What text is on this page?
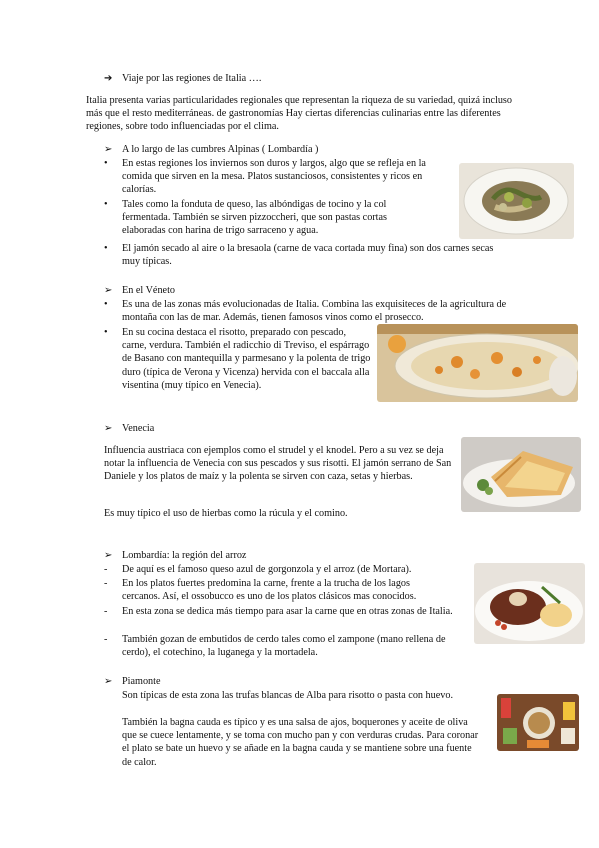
➔ Viaje por las regiones de Italia ….

Italia presenta varias particularidades regionales que representan la riqueza de su variedad, quizá incluso más que el resto mediterráneas. de gastronomías Hay ciertas diferencias culinarias entre las diferentes regiones, sobre todo influenciadas por el clima.

➢ A lo largo de las cumbres Alpinas ( Lombardía )
•	En estas regiones los inviernos son duros y largos, algo que se refleja en la comida que sirven en la mesa. Platos sustanciosos, consistentes y ricos en calorías.

•	Tales como la fonduta de queso, las albóndigas de tocino y la col fermentada. También se sirven pizzoccheri, que son pastas cortas elaboradas con harina de trigo sarraceno y agua.

•	El jamón secado al aire o la bresaola (carne de vaca cortada muy fina) son dos carnes secas muy típicas.

➢ En el Véneto
•	Es una de las zonas más evolucionadas de Italia. Combina las exquisiteces de la agricultura de montaña con las de mar. Además, tienen famosos vinos como el prosecco.

•	En su cocina destaca el risotto, preparado con pescado, carne, verdura. También el radicchio di Treviso, el espárrago de Basano con mantequilla y parmesano y la polenta de trigo duro (típica de Verona y Vicenza) hervida con el baccala alla visentina (muy típico en Venecia).

➢ Venecia

Influencia austriaca con ejemplos como el strudel y el knodel. Pero a su vez se deja notar la influencia de Venecia con sus pescados y sus risotti. El jamón serrano de San Daniele y los platos de maíz y la polenta se sirven con caza, setas y hierbas.

Es muy típico el uso de hierbas como la rúcula y el comino.

➢ Lombardía: la región del arroz
-	De aquí es el famoso queso azul de gorgonzola y el arroz (de Mortara).

-	En los platos fuertes predomina la carne, frente a la trucha de los lagos cercanos. Así, el ossobucco es uno de los platos clásicos mas conocidos.

-	En esta zona se dedica más tiempo para asar la carne que en otras zonas de Italia.

-	También gozan de embutidos de cerdo tales como el zampone (mano rellena de cerdo), el cotechino, la luganega y la mortadela.

➢ Piamonte

Son típicas de esta zona las trufas blancas de Alba para risotto o pasta con huevo.

También la bagna cauda es típico y es una salsa de ajos, boquerones y aceite de oliva que se cuece lentamente, y se toma con mucho pan y con verduras crudas. Para coronar el plato se bate un huevo y se añade en la bagna cauda y se mantiene sobre una fuente de calor.
